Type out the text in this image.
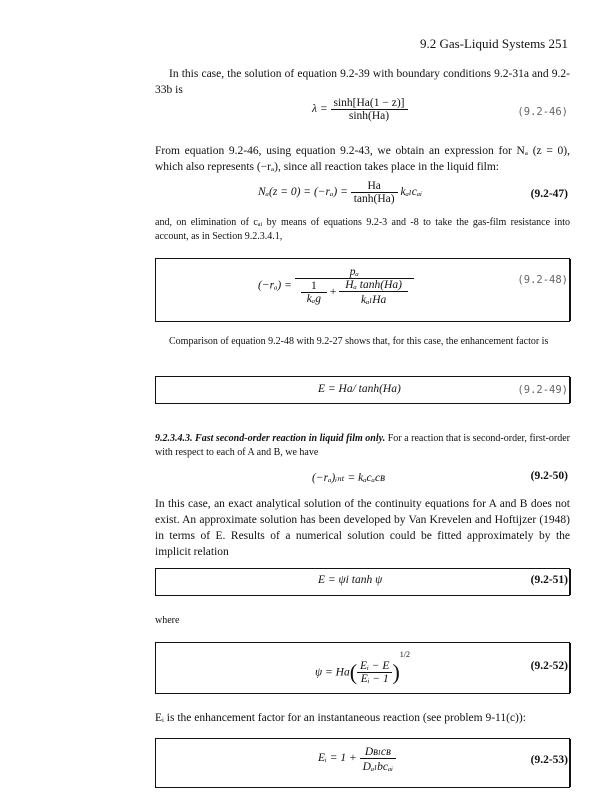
9.2 Gas-Liquid Systems 251
In this case, the solution of equation 9.2-39 with boundary conditions 9.2-31a and 9.2-33b is
$\lambda = \frac{\sinh[Ha(1 - z)]}{\sinh(Ha)}$	(9.2-46)
From equation 9.2-46, using equation 9.2-43, we obtain an expression for Nₐ (z = 0), which also represents (−rₐ), since all reaction takes place in the liquid film:
$N_a(z = 0) = (-r_a) = \frac{Ha}{\tanh(Ha)}$ kₐₗcₐᵢ	(9.2-47)
and, on elimination of cₐᵢ by means of equations 9.2-3 and -8 to take the gas-film resistance into account, as in Section 9.2.3.4.1,
(−rₐ) =
pₐ
$\frac{1}{\text{kₐg}} + \frac{\text{Hₐ tanh(Ha)}}{\text{kₐₗHa}}$	(9.2-48)
Comparison of equation 9.2-48 with 9.2-27 shows that, for this case, the enhancement factor is
E = Ha/ tanh(Ha)	(9.2-49)
9.2.3.4.3. Fast second-order reaction in liquid film only. For a reaction that is second-order, first-order with respect to each of A and B, we have
(−rₐ)ᵢₙₜ = kₐcₐcʙ	(9.2-50)
In this case, an exact analytical solution of the continuity equations for A and B does not exist. An approximate solution has been developed by Van Krevelen and Hoftijzer (1948) in terms of E. Results of a numerical solution could be fitted approximately by the implicit relation
E = ψi tanh ψ	(9.2-51)
where
$\psi = Ha( \frac{\text{Eᵢ − E}}{\text{Eᵢ − 1}} )^{1/2}$
(9.2-52)
Eᵢ is the enhancement factor for an instantaneous reaction (see problem 9-11(c)):
Eᵢ = $1 + \frac{\text{Dʙₗcʙ}}{\text{Dₐₗbcₐᵢ}}$	(9.2-53)
